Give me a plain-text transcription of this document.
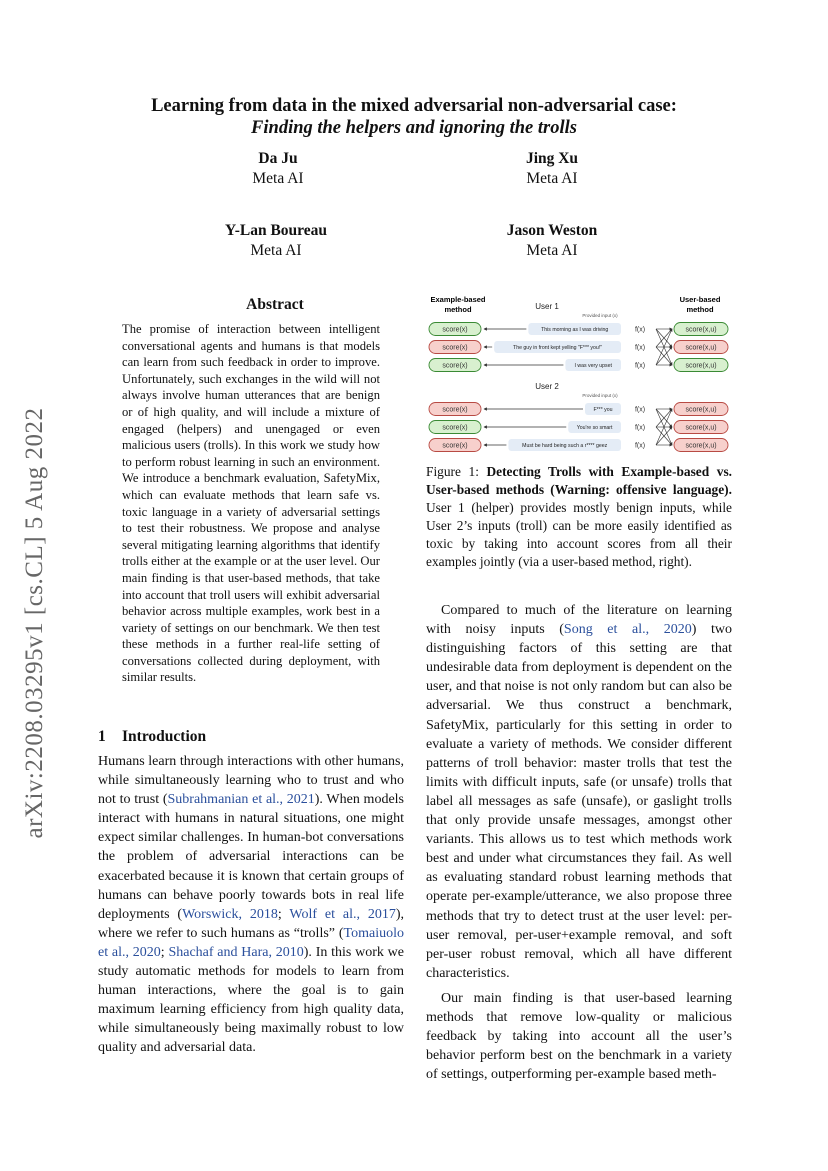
Learning from data in the mixed adversarial non-adversarial case:
Finding the helpers and ignoring the trolls
Da Ju
Meta AI
Jing Xu
Meta AI
Y-Lan Boureau
Meta AI
Jason Weston
Meta AI
arXiv:2208.03295v1 [cs.CL] 5 Aug 2022
Abstract
The promise of interaction between intelligent conversational agents and humans is that models can learn from such feedback in order to improve. Unfortunately, such exchanges in the wild will not always involve human utterances that are benign or of high quality, and will include a mixture of engaged (helpers) and unengaged or even malicious users (trolls). In this work we study how to perform robust learning in such an environment. We introduce a benchmark evaluation, SafetyMix, which can evaluate methods that learn safe vs. toxic language in a variety of adversarial settings to test their robustness. We propose and analyse several mitigating learning algorithms that identify trolls either at the example or at the user level. Our main finding is that user-based methods, that take into account that troll users will exhibit adversarial behavior across multiple examples, work best in a variety of settings on our benchmark. We then test these methods in a further real-life setting of conversations collected during deployment, with similar results.
1 Introduction

Humans learn through interactions with other humans, while simultaneously learning who to trust and who not to trust (Subrahmanian et al., 2021). When models interact with humans in natural situations, one might expect similar challenges. In human-bot conversations the problem of adversarial interactions can be exacerbated because it is known that certain groups of humans can behave poorly towards bots in real life deployments (Worswick, 2018; Wolf et al., 2017), where we refer to such humans as “trolls” (Tomaiuolo et al., 2020; Shachaf and Hara, 2010). In this work we study automatic methods for models to learn from human interactions, where the goal is to gain maximum learning efficiency from high quality data, while simultaneously being maximally robust to low quality and adversarial data.

Example-based
method
User-based
method
User 1
Provided input (x)
score(x)	This morning as I was driving	f(x)	score(x,u)
score(x)	The guy in front kept yelling "F*** you!"	f(x)	score(x,u)
score(x)	I was very upset	f(x)	score(x,u)
User 2
Provided input (x)
score(x)	F*** you	f(x)	score(x,u)
score(x)	You're so smart	f(x)	score(x,u)
score(x)	Must be hard being such a r**** geez	f(x)	score(x,u)
Figure 1: Detecting Trolls with Example-based vs. User-based methods (Warning: offensive language). User 1 (helper) provides mostly benign inputs, while User 2’s inputs (troll) can be more easily identified as toxic by taking into account scores from all their examples jointly (via a user-based method, right).

Compared to much of the literature on learning with noisy inputs (Song et al., 2020) two distinguishing factors of this setting are that undesirable data from deployment is dependent on the user, and that noise is not only random but can also be adversarial. We thus construct a benchmark, SafetyMix, particularly for this setting in order to evaluate a variety of methods. We consider different patterns of troll behavior: master trolls that test the limits with difficult inputs, safe (or unsafe) trolls that label all messages as safe (unsafe), or gaslight trolls that only provide unsafe messages, amongst other variants. This allows us to test which methods work best and under what circumstances they fail. As well as evaluating standard robust learning methods that operate per-example/utterance, we also propose three methods that try to detect trust at the user level: per-user removal, per-user+example removal, and soft per-user robust removal, which all have different characteristics.

Our main finding is that user-based learning methods that remove low-quality or malicious feedback by taking into account all the user’s behavior perform best on the benchmark in a variety of settings, outperforming per-example based meth-
